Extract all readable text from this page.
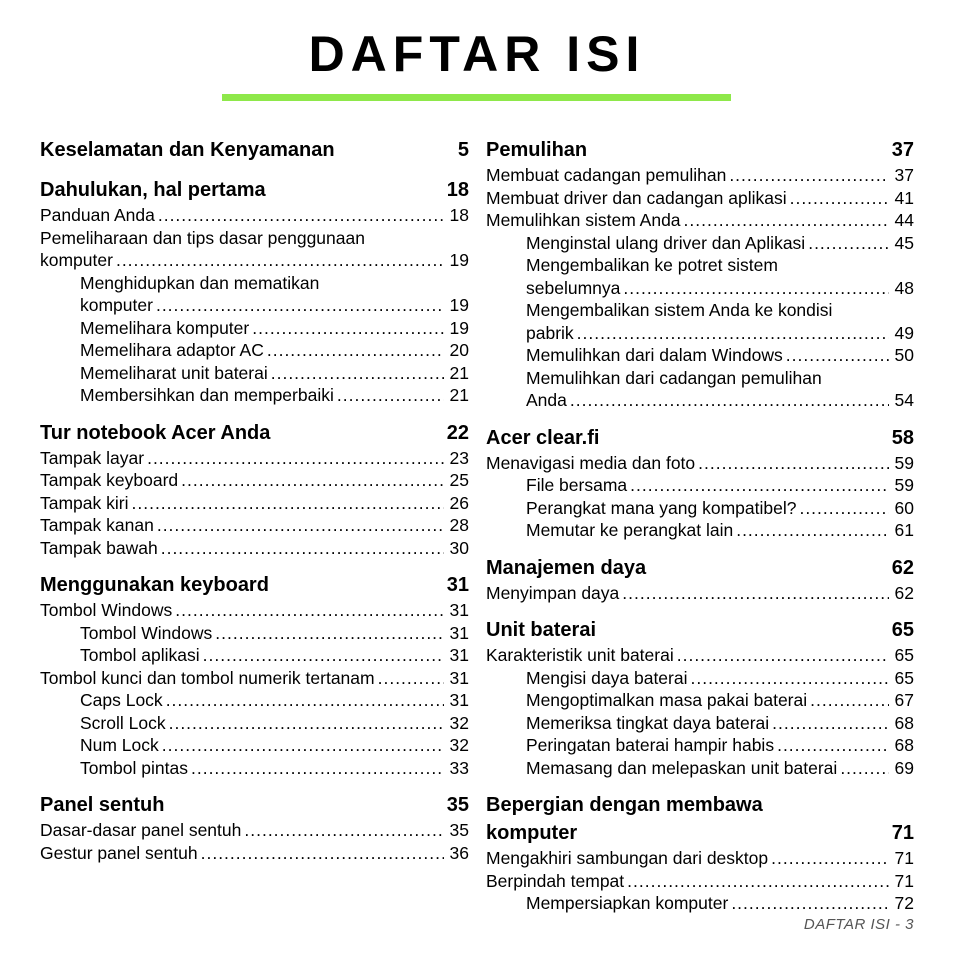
DAFTAR ISI
Keselamatan dan Kenyamanan	5
Dahulukan, hal pertama	18
Panduan Anda .....	18
Pemeliharaan dan tips dasar penggunaan
komputer .....	19
Menghidupkan dan mematikan
komputer .....	19
Memelihara komputer .....	19
Memelihara adaptor AC .....	20
Memeliharat unit baterai .....	21
Membersihkan dan memperbaiki .....	21
Tur notebook Acer Anda	22
Tampak layar .....	23
Tampak keyboard .....	25
Tampak kiri .....	26
Tampak kanan .....	28
Tampak bawah .....	30
Menggunakan keyboard	31
Tombol Windows .....	31
Tombol Windows .....	31
Tombol aplikasi .....	31
Tombol kunci dan tombol numerik tertanam .....	31
Caps Lock .....	31
Scroll Lock .....	32
Num Lock .....	32
Tombol pintas .....	33
Panel sentuh	35
Dasar-dasar panel sentuh .....	35
Gestur panel sentuh .....	36
Pemulihan	37
Membuat cadangan pemulihan .....	37
Membuat driver dan cadangan aplikasi .....	41
Memulihkan sistem Anda .....	44
Menginstal ulang driver dan Aplikasi .....	45
Mengembalikan ke potret sistem
sebelumnya .....	48
Mengembalikan sistem Anda ke kondisi
pabrik .....	49
Memulihkan dari dalam Windows .....	50
Memulihkan dari cadangan pemulihan
Anda .....	54
Acer clear.fi	58
Menavigasi media dan foto .....	59
File bersama .....	59
Perangkat mana yang kompatibel? .....	60
Memutar ke perangkat lain .....	61
Manajemen daya	62
Menyimpan daya .....	62
Unit baterai	65
Karakteristik unit baterai .....	65
Mengisi daya baterai .....	65
Mengoptimalkan masa pakai baterai .....	67
Memeriksa tingkat daya baterai .....	68
Peringatan baterai hampir habis .....	68
Memasang dan melepaskan unit baterai .....	69
Bepergian dengan membawa
komputer	71
Mengakhiri sambungan dari desktop .....	71
Berpindah tempat .....	71
Mempersiapkan komputer .....	72
DAFTAR ISI - 3
